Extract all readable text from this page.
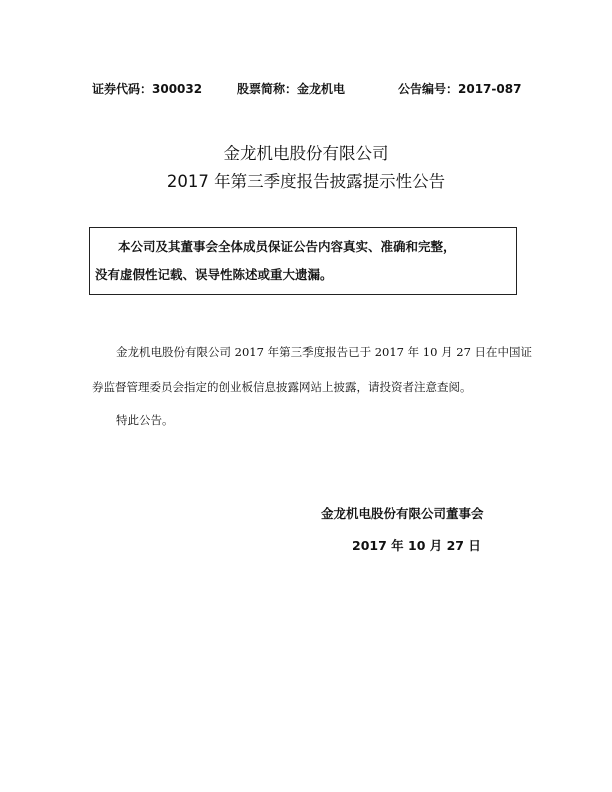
证券代码：300032	股票简称：金龙机电	公告编号：2017-087
金龙机电股份有限公司
2017 年第三季度报告披露提示性公告
本公司及其董事会全体成员保证公告内容真实、准确和完整，
没有虚假性记载、误导性陈述或重大遗漏。
金龙机电股份有限公司 2017 年第三季度报告已于 2017 年 10 月 27 日在中国证
券监督管理委员会指定的创业板信息披露网站上披露，请投资者注意查阅。
特此公告。
金龙机电股份有限公司董事会
2017 年 10 月 27 日
